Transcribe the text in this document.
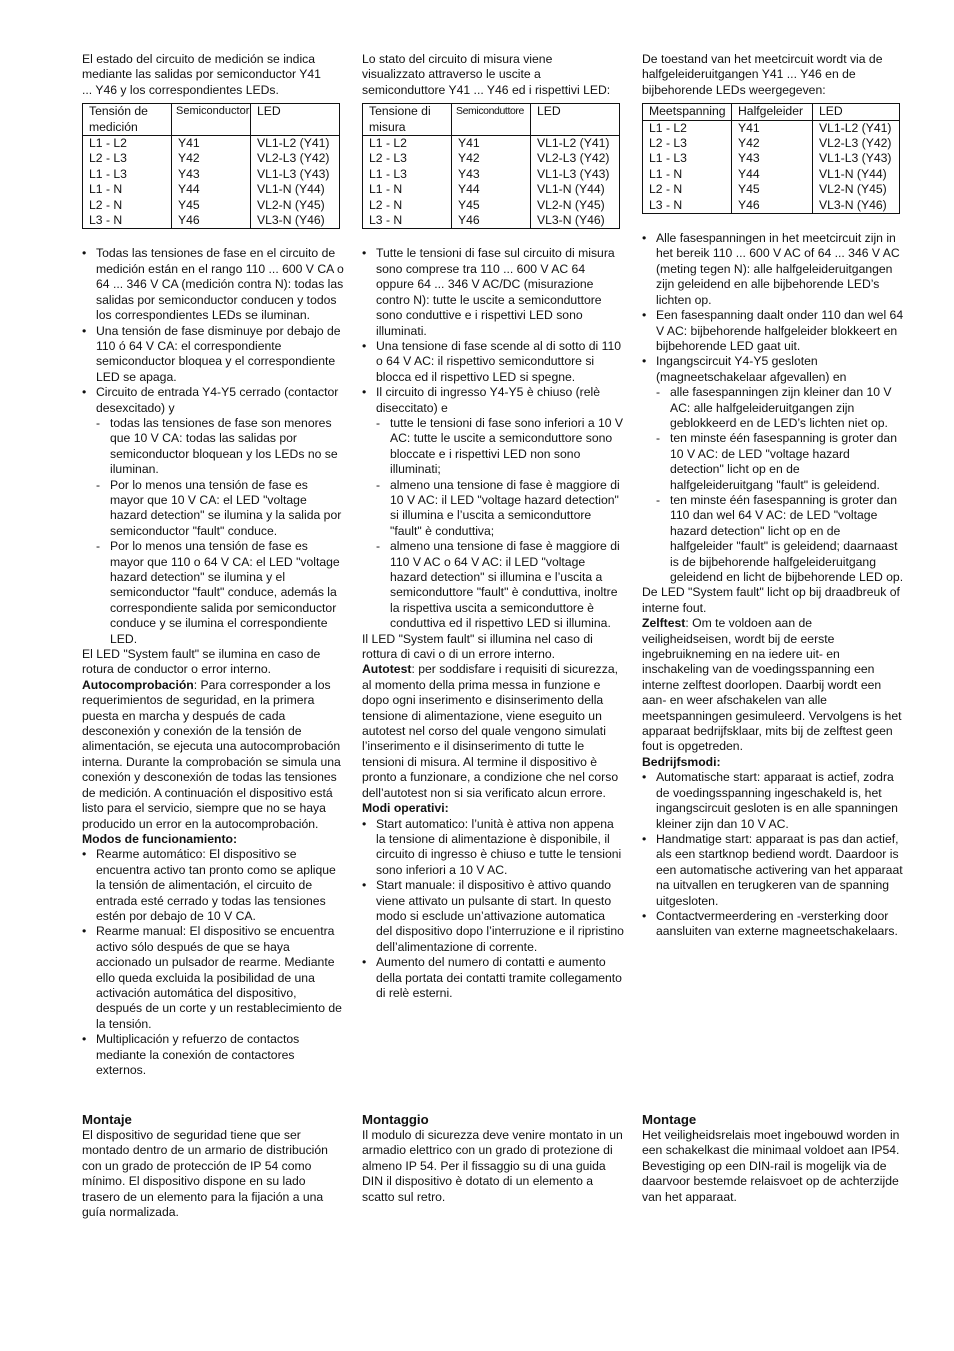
El estado del circuito de medición se indica mediante las salidas por semiconductor Y41 ... Y46 y los correspondientes LEDs.

Tensión de medición	Semiconductor	LED
L1 - L2	Y41	VL1-L2 (Y41)
L2 - L3	Y42	VL2-L3 (Y42)
L1 - L3	Y43	VL1-L3 (Y43)
L1 - N	Y44	VL1-N (Y44)
L2 - N	Y45	VL2-N (Y45)
L3 - N	Y46	VL3-N (Y46)
• Todas las tensiones de fase en el circuito de medición están en el rango 110 ... 600 V CA o 64 ... 346 V CA (medición contra N): todas las salidas por semiconductor conducen y todos los correspondientes LEDs se iluminan.
• Una tensión de fase disminuye por debajo de 110 ó 64 V CA: el correspondiente semiconductor bloquea y el correspondiente LED se apaga.
• Circuito de entrada Y4-Y5 cerrado (contactor desexcitado) y
- todas las tensiones de fase son menores que 10 V CA: todas las salidas por semiconductor bloquean y los LEDs no se iluminan.
- Por lo menos una tensión de fase es mayor que 10 V CA: el LED "voltage hazard detection" se ilumina y la salida por semiconductor "fault" conduce.
- Por lo menos una tensión de fase es mayor que 110 o 64 V CA: el LED "voltage hazard detection" se ilumina y el semiconductor "fault" conduce, además la correspondiente salida por semiconductor conduce y se ilumina el correspondiente LED.

El LED "System fault" se ilumina en caso de rotura de conductor o error interno.

Autocomprobación: Para corresponder a los requerimientos de seguridad, en la primera puesta en marcha y después de cada desconexión y conexión de la tensión de alimentación, se ejecuta una autocomprobación interna. Durante la comprobación se simula una conexión y desconexión de todas las tensiones de medición. A continuación el dispositivo está listo para el servicio, siempre que no se haya producido un error en la autocomprobación.

Modos de funcionamiento:

• Rearme automático: El dispositivo se encuentra activo tan pronto como se aplique la tensión de alimentación, el circuito de entrada esté cerrado y todas las tensiones estén por debajo de 10 V CA.
• Rearme manual: El dispositivo se encuentra activo sólo después de que se haya accionado un pulsador de rearme. Mediante ello queda excluida la posibilidad de una activación automática del dispositivo, después de un corte y un restablecimiento de la tensión.
• Multiplicación y refuerzo de contactos mediante la conexión de contactores externos.

Lo stato del circuito di misura viene visualizzato attraverso le uscite a semiconduttore Y41 ... Y46 ed i rispettivi LED:

Tensione di misura	Semiconduttore	LED
L1 - L2	Y41	VL1-L2 (Y41)
L2 - L3	Y42	VL2-L3 (Y42)
L1 - L3	Y43	VL1-L3 (Y43)
L1 - N	Y44	VL1-N (Y44)
L2 - N	Y45	VL2-N (Y45)
L3 - N	Y46	VL3-N (Y46)
• Tutte le tensioni di fase sul circuito di misura sono comprese tra 110 ... 600 V AC 64 oppure 64 ... 346 V AC/DC (misurazione contro N): tutte le uscite a semiconduttore sono conduttive e i rispettivi LED sono illuminati.
• Una tensione di fase scende al di sotto di 110 o 64 V AC: il rispettivo semiconduttore si blocca ed il rispettivo LED si spegne.
• Il circuito di ingresso Y4-Y5 è chiuso (relè diseccitato) e
- tutte le tensioni di fase sono inferiori a 10 V AC: tutte le uscite a semiconduttore sono bloccate e i rispettivi LED non sono illuminati;
- almeno una tensione di fase è maggiore di 10 V AC: il LED "voltage hazard detection" si illumina e l’uscita a semiconduttore "fault" è conduttiva;
- almeno una tensione di fase è maggiore di 110 V AC o 64 V AC: il LED "voltage hazard detection" si illumina e l’uscita a semiconduttore "fault" è conduttiva, inoltre la rispettiva uscita a semiconduttore è conduttiva ed il rispettivo LED si illumina.

Il LED "System fault" si illumina nel caso di rottura di cavi o di un errore interno.

Autotest: per soddisfare i requisiti di sicurezza, al momento della prima messa in funzione e dopo ogni inserimento e disinserimento della tensione di alimentazione, viene eseguito un autotest nel corso del quale vengono simulati l’inserimento e il disinserimento di tutte le tensioni di misura. Al termine il dispositivo è pronto a funzionare, a condizione che nel corso dell’autotest non si sia verificato alcun errore.

Modi operativi:

• Start automatico: l’unità è attiva non appena la tensione di alimentazione è disponibile, il circuito di ingresso è chiuso e tutte le tensioni sono inferiori a 10 V AC.
• Start manuale: il dispositivo è attivo quando viene attivato un pulsante di start. In questo modo si esclude un’attivazione automatica del dispositivo dopo l’interruzione e il ripristino dell’alimentazione di corrente.
• Aumento del numero di contatti e aumento della portata dei contatti tramite collegamento di relè esterni.

De toestand van het meetcircuit wordt via de halfgeleideruitgangen Y41 ... Y46 en de bijbehorende LEDs weergegeven:

Meetspanning	Halfgeleider	LED
L1 - L2	Y41	VL1-L2 (Y41)
L2 - L3	Y42	VL2-L3 (Y42)
L1 - L3	Y43	VL1-L3 (Y43)
L1 - N	Y44	VL1-N (Y44)
L2 - N	Y45	VL2-N (Y45)
L3 - N	Y46	VL3-N (Y46)
• Alle fasespanningen in het meetcircuit zijn in het bereik 110 ... 600 V AC of 64 ... 346 V AC (meting tegen N): alle halfgeleideruitgangen zijn geleidend en alle bijbehorende LED’s lichten op.
• Een fasespanning daalt onder 110 dan wel 64 V AC: bijbehorende halfgeleider blokkeert en bijbehorende LED gaat uit.
• Ingangscircuit Y4-Y5 gesloten (magneetschakelaar afgevallen) en
- alle fasespanningen zijn kleiner dan 10 V AC: alle halfgeleideruitgangen zijn geblokkeerd en de LED’s lichten niet op.
- ten minste één fasespanning is groter dan 10 V AC: de LED "voltage hazard detection" licht op en de halfgeleideruitgang "fault" is geleidend.
- ten minste één fasespanning is groter dan 110 dan wel 64 V AC: de LED "voltage hazard detection" licht op en de halfgeleider "fault" is geleidend; daarnaast is de bijbehorende halfgeleideruitgang geleidend en licht de bijbehorende LED op.

De LED "System fault" licht op bij draadbreuk of interne fout.

Zelftest: Om te voldoen aan de veiligheidseisen, wordt bij de eerste ingebruikneming en na iedere uit- en inschakeling van de voedingsspanning een interne zelftest doorlopen. Daarbij wordt een aan- en weer afschakelen van alle meetspanningen gesimuleerd. Vervolgens is het apparaat bedrijfsklaar, mits bij de zelftest geen fout is opgetreden.

Bedrijfsmodi:

• Automatische start: apparaat is actief, zodra de voedingsspanning ingeschakeld is, het ingangscircuit gesloten is en alle spanningen kleiner zijn dan 10 V AC.
• Handmatige start: apparaat is pas dan actief, als een startknop bediend wordt. Daardoor is een automatische activering van het apparaat na uitvallen en terugkeren van de spanning uitgesloten.
• Contactvermeerdering en -versterking door aansluiten van externe magneetschakelaars.
Montaje

El dispositivo de seguridad tiene que ser montado dentro de un armario de distribución con un grado de protección de IP 54 como mínimo. El dispositivo dispone en su lado trasero de un elemento para la fijación a una guía normalizada.

Montaggio

Il modulo di sicurezza deve venire montato in un armadio elettrico con un grado di protezione di almeno IP 54. Per il fissaggio su di una guida DIN il dispositivo è dotato di un elemento a scatto sul retro.

Montage

Het veiligheidsrelais moet ingebouwd worden in een schakelkast die minimaal voldoet aan IP54. Bevestiging op een DIN-rail is mogelijk via de daarvoor bestemde relaisvoet op de achterzijde van het apparaat.
